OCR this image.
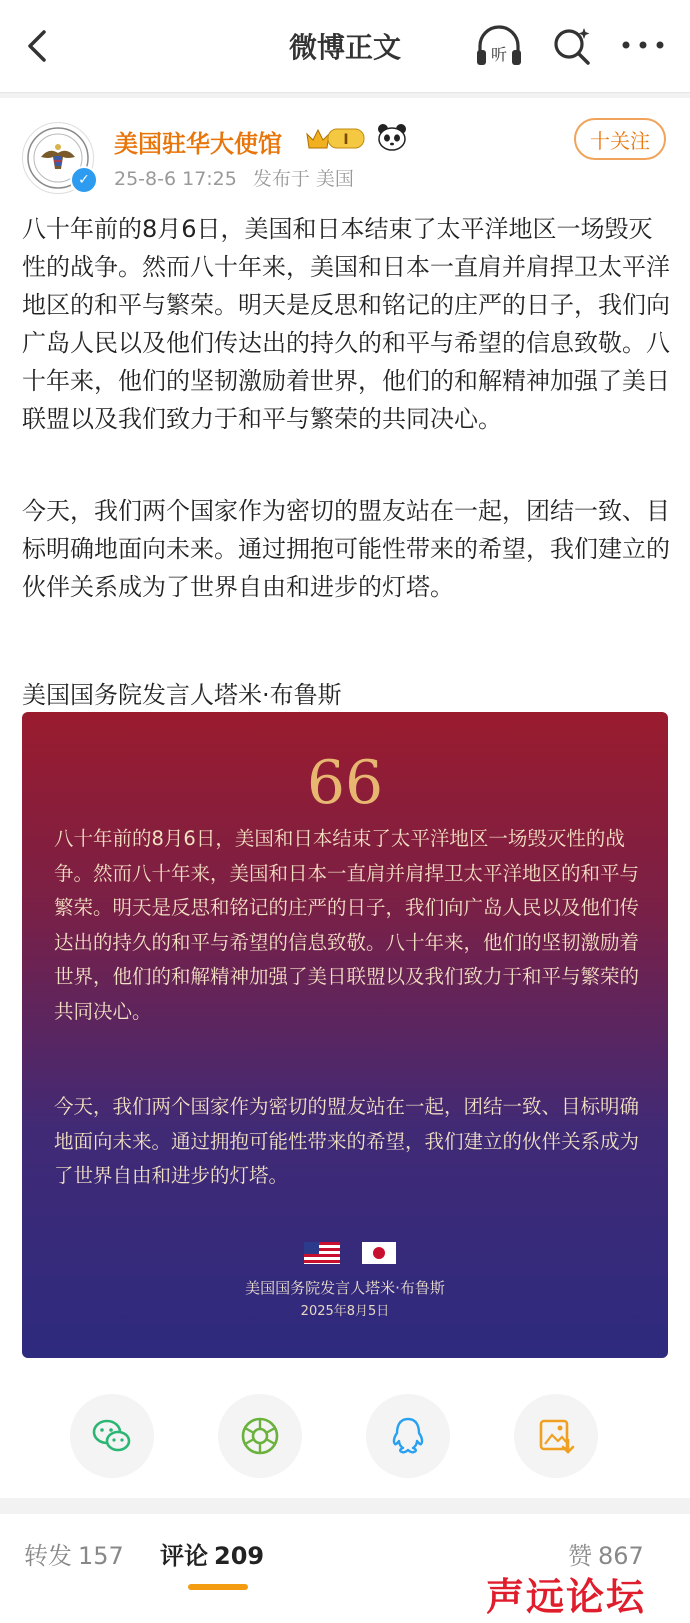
微博正文	听
✓
美国驻华大使馆	I
25-8-6 17:25 发布于 美国
十关注

八十年前的8月6日，美国和日本结束了太平洋地区一场毁灭性的战争。然而八十年来，美国和日本一直肩并肩捍卫太平洋地区的和平与繁荣。明天是反思和铭记的庄严的日子，我们向广岛人民以及他们传达出的持久的和平与希望的信息致敬。八十年来，他们的坚韧激励着世界，他们的和解精神加强了美日联盟以及我们致力于和平与繁荣的共同决心。

今天，我们两个国家作为密切的盟友站在一起，团结一致、目标明确地面向未来。通过拥抱可能性带来的希望，我们建立的伙伴关系成为了世界自由和进步的灯塔。

美国国务院发言人塔米·布鲁斯

66

八十年前的8月6日，美国和日本结束了太平洋地区一场毁灭性的战争。然而八十年来，美国和日本一直肩并肩捍卫太平洋地区的和平与繁荣。明天是反思和铭记的庄严的日子，我们向广岛人民以及他们传达出的持久的和平与希望的信息致敬。八十年来，他们的坚韧激励着世界，他们的和解精神加强了美日联盟以及我们致力于和平与繁荣的共同决心。

今天，我们两个国家作为密切的盟友站在一起，团结一致、目标明确地面向未来。通过拥抱可能性带来的希望，我们建立的伙伴关系成为了世界自由和进步的灯塔。

美国国务院发言人塔米·布鲁斯
2025年8月5日
转发 157 评论 209	赞 867
声远论坛
